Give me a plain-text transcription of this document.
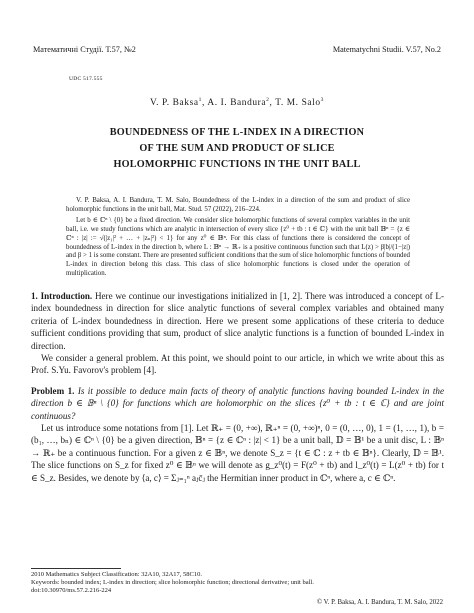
Математичні Студії. Т.57, №2	Matematychni Studii. V.57, No.2
UDC 517.555
V. P. Baksa$^1$, A. I. Bandura$^2$, T. M. Salo$^3$
BOUNDEDNESS OF THE L-INDEX IN A DIRECTION
OF THE SUM AND PRODUCT OF SLICE
HOLOMORPHIC FUNCTIONS IN THE UNIT BALL

V. P. Baksa, A. I. Bandura, T. M. Salo, Boundedness of the L-index in a direction of the sum and product of slice holomorphic functions in the unit ball, Mat. Stud. 57 (2022), 216–224.

Let b ∈ ℂⁿ \ {0} be a fixed direction. We consider slice holomorphic functions of several complex variables in the unit ball, i.e. we study functions which are analytic in intersection of every slice {z⁰ + tb : t ∈ ℂ} with the unit ball 𝔹ⁿ = {z ∈ ℂⁿ : |z| := √(|z₁|² + … + |zₙ|²) < 1} for any z⁰ ∈ 𝔹ⁿ. For this class of functions there is considered the concept of boundedness of L-index in the direction b, where L : 𝔹ⁿ → ℝ₊ is a positive continuous function such that L(z) > β|b|/(1−|z|) and β > 1 is some constant. There are presented sufficient conditions that the sum of slice holomorphic functions of bounded L-index in direction belong this class. This class of slice holomorphic functions is closed under the operation of multiplication.

1. Introduction. Here we continue our investigations initialized in [1, 2]. There was introduced a concept of L-index boundedness in direction for slice analytic functions of several complex variables and obtained many criteria of L-index boundedness in direction. Here we present some applications of these criteria to deduce sufficient conditions providing that sum, product of slice analytic functions is a function of bounded L-index in direction.

We consider a general problem. At this point, we should point to our article, in which we write about this as Prof. S.Yu. Favorov's problem [4].

Problem 1. Is it possible to deduce main facts of theory of analytic functions having bounded L-index in the direction b ∈ 𝔹ⁿ \ {0} for functions which are holomorphic on the slices {z⁰ + tb : t ∈ ℂ} and are joint continuous?

Let us introduce some notations from [1]. Let ℝ₊ = (0, +∞), ℝ₊ⁿ = (0, +∞)ⁿ, 0 = (0, …, 0), 1 = (1, …, 1), b = (b₁, …, bₙ) ∈ ℂⁿ \ {0} be a given direction, 𝔹ⁿ = {z ∈ ℂⁿ : |z| < 1} be a unit ball, 𝔻 = 𝔹¹ be a unit disc, L : 𝔹ⁿ → ℝ₊ be a continuous function. For a given z ∈ 𝔹ⁿ, we denote S_z = {t ∈ ℂ : z + tb ∈ 𝔹ⁿ}. Clearly, 𝔻 = 𝔹¹. The slice functions on S_z for fixed z⁰ ∈ 𝔹ⁿ we will denote as g_z⁰(t) = F(z⁰ + tb) and l_z⁰(t) = L(z⁰ + tb) for t ∈ S_z. Besides, we denote by ⟨a, c⟩ = Σⱼ₌₁ⁿ aⱼc̄ⱼ the Hermitian inner product in ℂⁿ, where a, c ∈ ℂⁿ.

2010 Mathematics Subject Classification: 32A10, 32A17, 58C10.
Keywords: bounded index; L-index in direction; slice holomorphic function; directional derivative; unit ball.
doi:10.30970/ms.57.2.216-224
© V. P. Baksa, A. I. Bandura, T. M. Salo, 2022
